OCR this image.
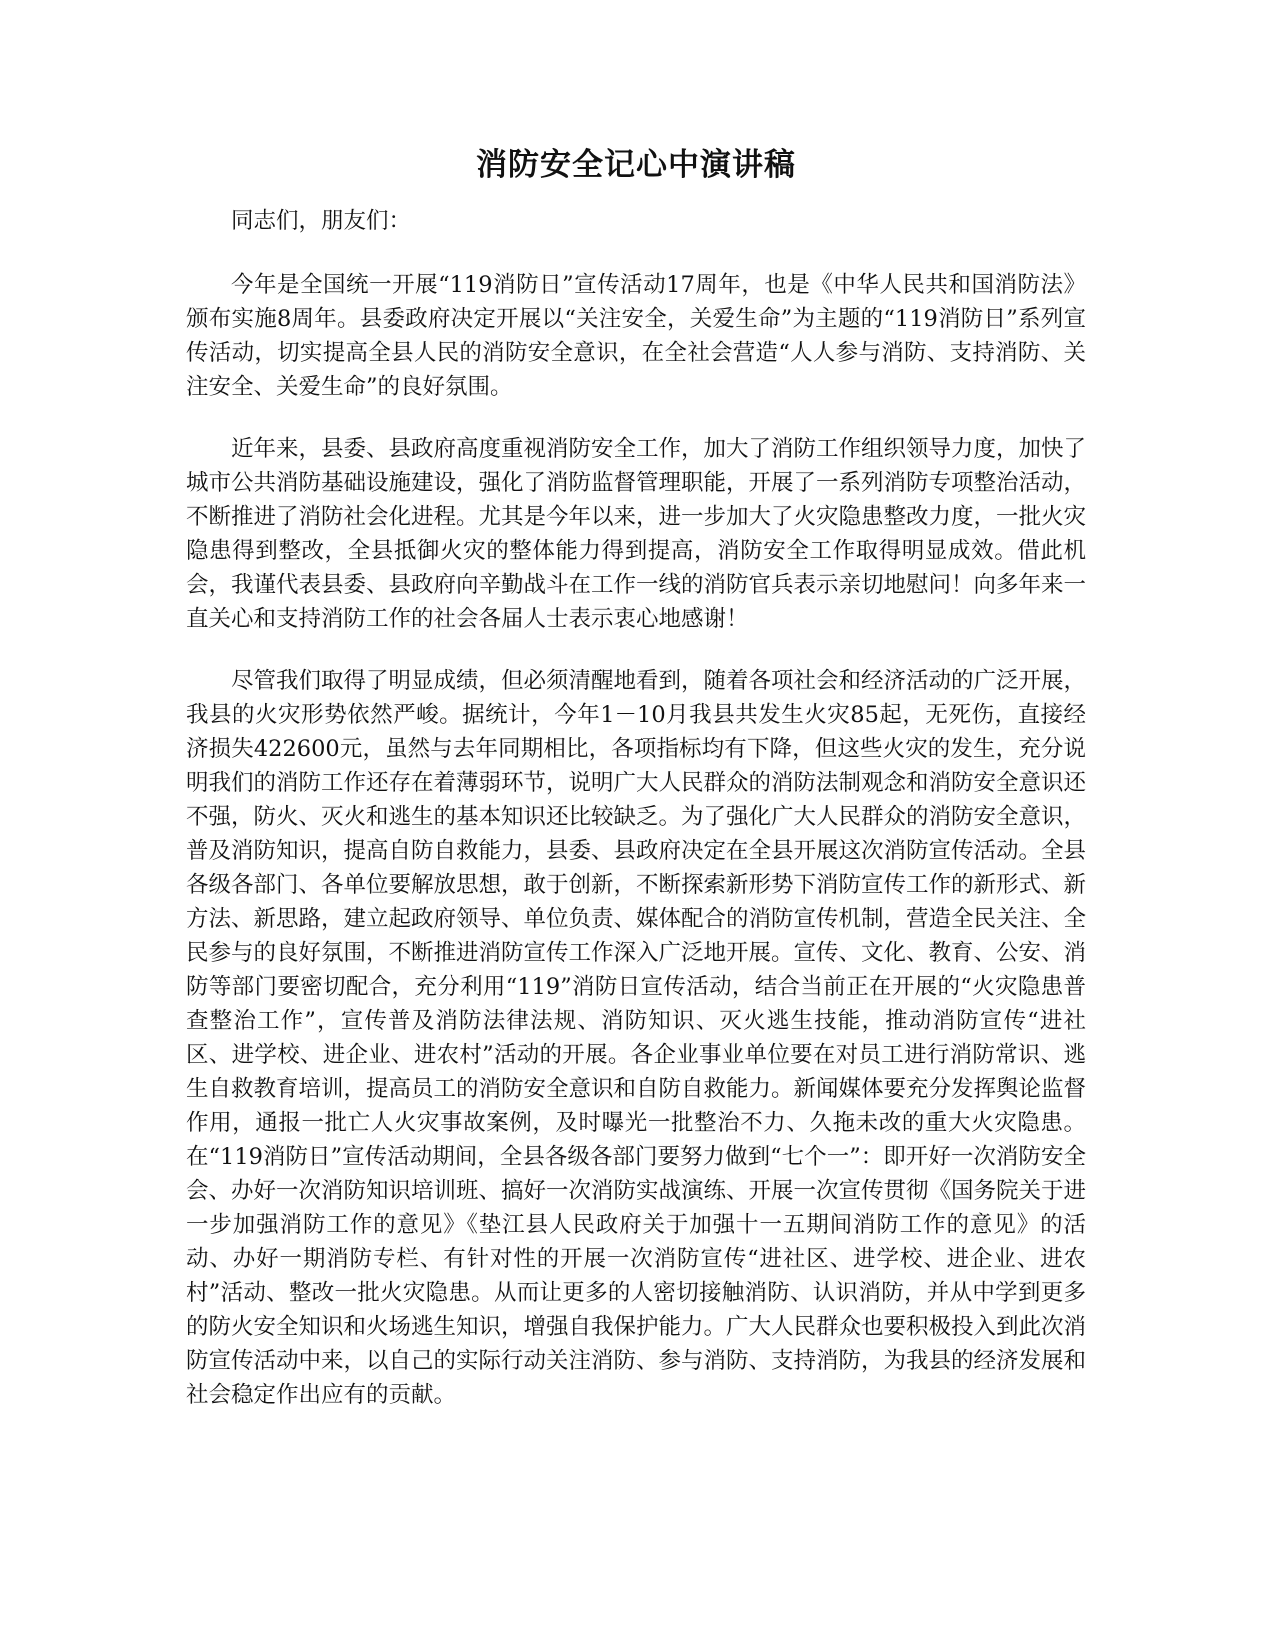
消防安全记心中演讲稿

同志们，朋友们：

今年是全国统一开展“119消防日”宣传活动17周年，也是《中华人民共和国消防法》颁布实施8周年。县委政府决定开展以“关注安全，关爱生命”为主题的“119消防日”系列宣传活动，切实提高全县人民的消防安全意识，在全社会营造“人人参与消防、支持消防、关注安全、关爱生命”的良好氛围。

近年来，县委、县政府高度重视消防安全工作，加大了消防工作组织领导力度，加快了城市公共消防基础设施建设，强化了消防监督管理职能，开展了一系列消防专项整治活动，不断推进了消防社会化进程。尤其是今年以来，进一步加大了火灾隐患整改力度，一批火灾隐患得到整改，全县抵御火灾的整体能力得到提高，消防安全工作取得明显成效。借此机会，我谨代表县委、县政府向辛勤战斗在工作一线的消防官兵表示亲切地慰问！向多年来一直关心和支持消防工作的社会各届人士表示衷心地感谢！

尽管我们取得了明显成绩，但必须清醒地看到，随着各项社会和经济活动的广泛开展，我县的火灾形势依然严峻。据统计，今年1－10月我县共发生火灾85起，无死伤，直接经济损失422600元，虽然与去年同期相比，各项指标均有下降，但这些火灾的发生，充分说明我们的消防工作还存在着薄弱环节，说明广大人民群众的消防法制观念和消防安全意识还不强，防火、灭火和逃生的基本知识还比较缺乏。为了强化广大人民群众的消防安全意识，普及消防知识，提高自防自救能力，县委、县政府决定在全县开展这次消防宣传活动。全县各级各部门、各单位要解放思想，敢于创新，不断探索新形势下消防宣传工作的新形式、新方法、新思路，建立起政府领导、单位负责、媒体配合的消防宣传机制，营造全民关注、全民参与的良好氛围，不断推进消防宣传工作深入广泛地开展。宣传、文化、教育、公安、消防等部门要密切配合，充分利用“119”消防日宣传活动，结合当前正在开展的“火灾隐患普查整治工作”，宣传普及消防法律法规、消防知识、灭火逃生技能，推动消防宣传“进社区、进学校、进企业、进农村”活动的开展。各企业事业单位要在对员工进行消防常识、逃生自救教育培训，提高员工的消防安全意识和自防自救能力。新闻媒体要充分发挥舆论监督作用，通报一批亡人火灾事故案例，及时曝光一批整治不力、久拖未改的重大火灾隐患。在“119消防日”宣传活动期间，全县各级各部门要努力做到“七个一”：即开好一次消防安全会、办好一次消防知识培训班、搞好一次消防实战演练、开展一次宣传贯彻《国务院关于进一步加强消防工作的意见》《垫江县人民政府关于加强十一五期间消防工作的意见》的活动、办好一期消防专栏、有针对性的开展一次消防宣传“进社区、进学校、进企业、进农村”活动、整改一批火灾隐患。从而让更多的人密切接触消防、认识消防，并从中学到更多的防火安全知识和火场逃生知识，增强自我保护能力。广大人民群众也要积极投入到此次消防宣传活动中来，以自己的实际行动关注消防、参与消防、支持消防，为我县的经济发展和社会稳定作出应有的贡献。
